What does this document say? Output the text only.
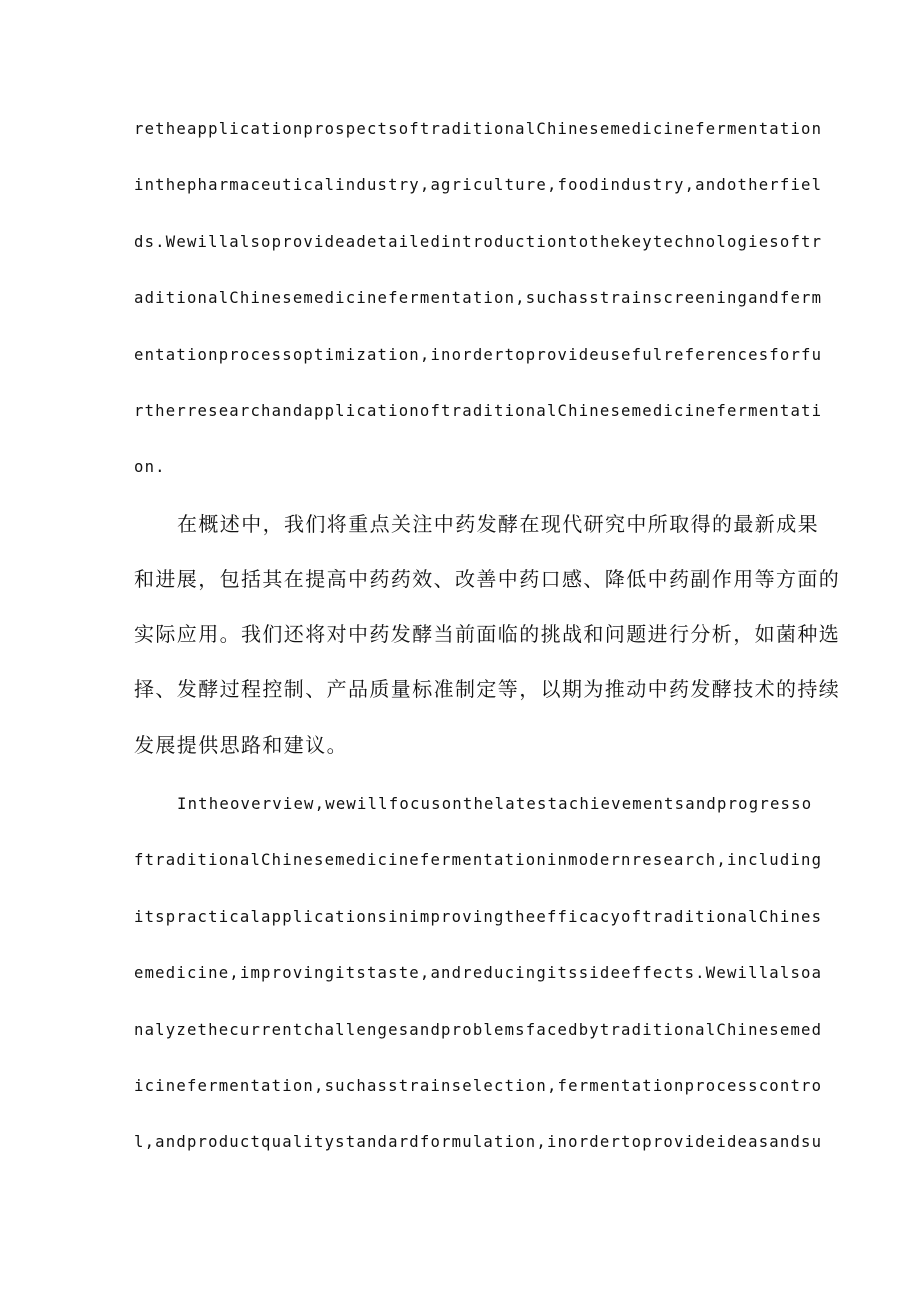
retheapplicationprospectsoftraditionalChinesemedicinefermentation
inthepharmaceuticalindustry,agriculture,foodindustry,andotherfiel
ds.Wewillalsoprovideadetailedintroductiontothekeytechnologiesoftr
aditionalChinesemedicinefermentation,suchasstrainscreeningandferm
entationprocessoptimization,inordertoprovideusefulreferencesforfu
rtherresearchandapplicationoftraditionalChinesemedicinefermentati
on.
在概述中，我们将重点关注中药发酵在现代研究中所取得的最新成果
和进展，包括其在提高中药药效、改善中药口感、降低中药副作用等方面的
实际应用。我们还将对中药发酵当前面临的挑战和问题进行分析，如菌种选
择、发酵过程控制、产品质量标准制定等，以期为推动中药发酵技术的持续
发展提供思路和建议。
Intheoverview,wewillfocusonthelatestachievementsandprogresso
ftraditionalChinesemedicinefermentationinmodernresearch,including
itspracticalapplicationsinimprovingtheefficacyoftraditionalChines
emedicine,improvingitstaste,andreducingitssideeffects.Wewillalsoa
nalyzethecurrentchallengesandproblemsfacedbytraditionalChinesemed
icinefermentation,suchasstrainselection,fermentationprocesscontro
l,andproductqualitystandardformulation,inordertoprovideideasandsu
